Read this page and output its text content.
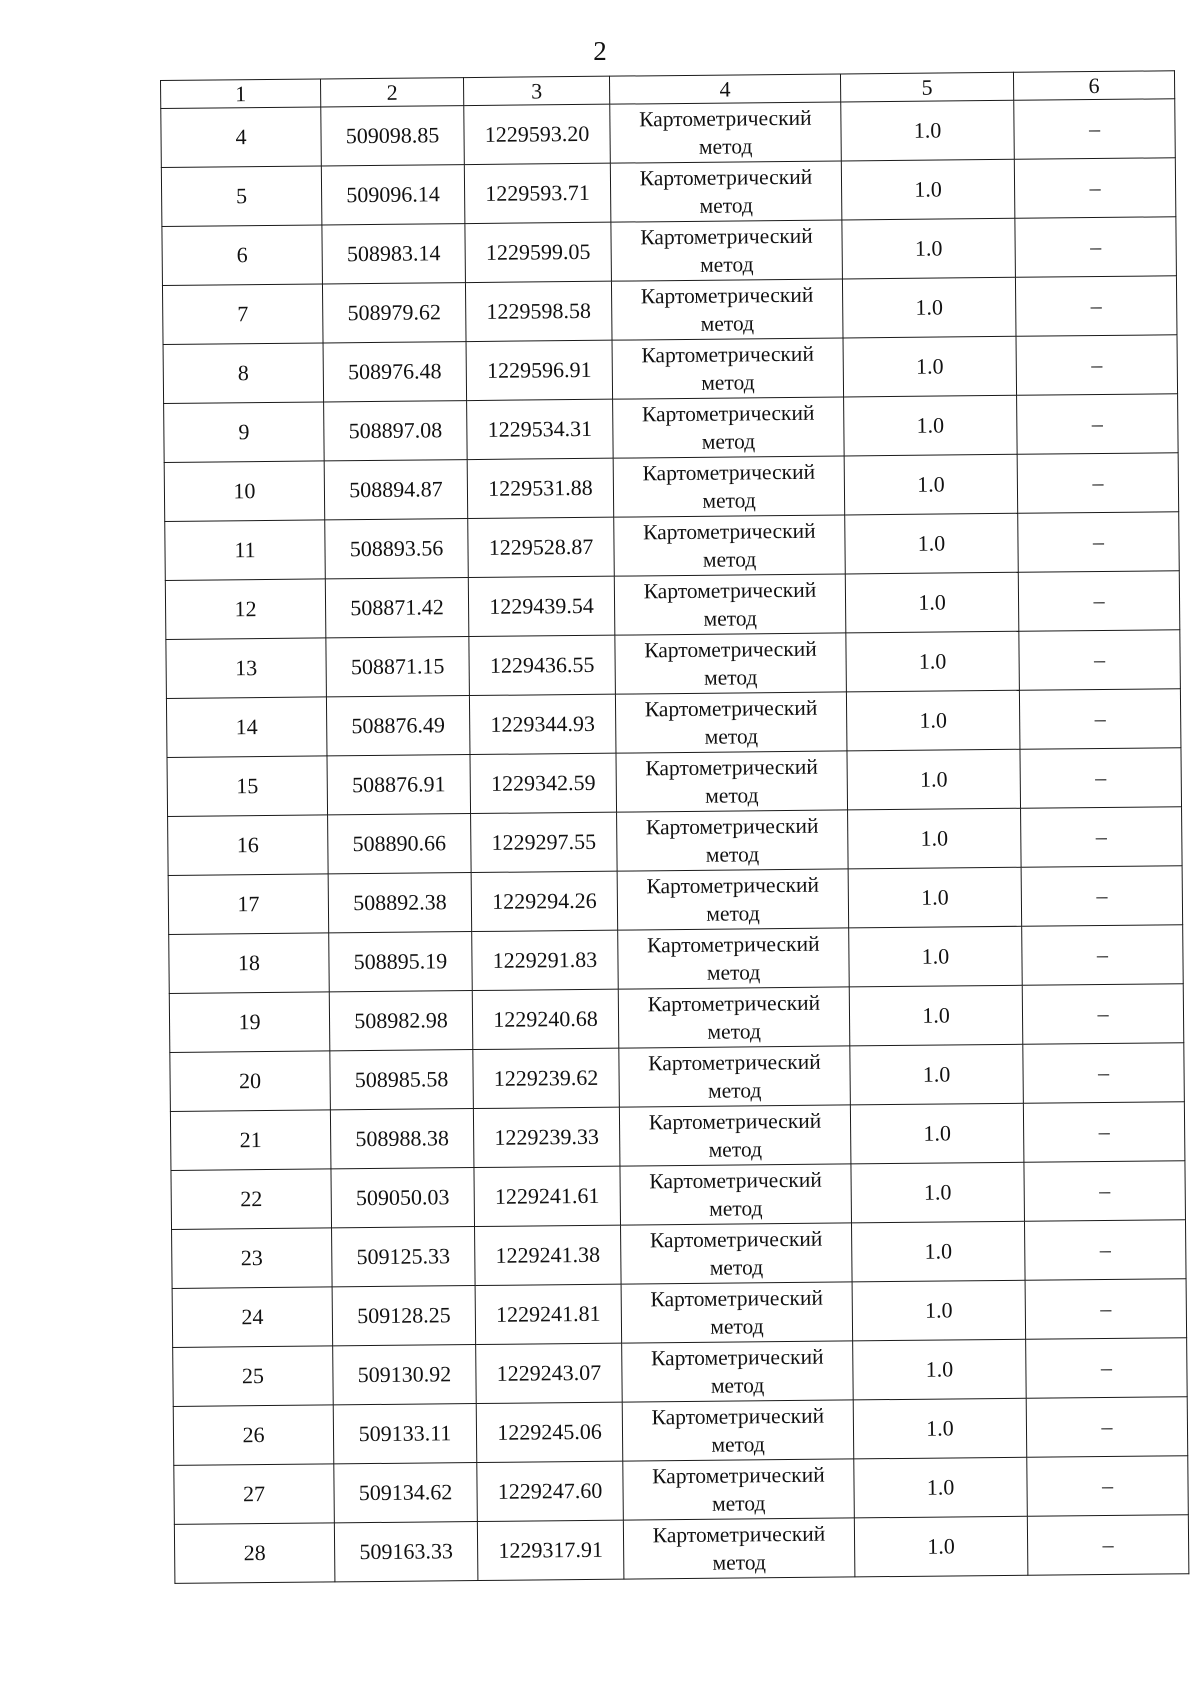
2
1	2	3	4	5	6
4	509098.85	1229593.20	Картометрический метод	1.0	–
5	509096.14	1229593.71	Картометрический метод	1.0	–
6	508983.14	1229599.05	Картометрический метод	1.0	–
7	508979.62	1229598.58	Картометрический метод	1.0	–
8	508976.48	1229596.91	Картометрический метод	1.0	–
9	508897.08	1229534.31	Картометрический метод	1.0	–
10	508894.87	1229531.88	Картометрический метод	1.0	–
11	508893.56	1229528.87	Картометрический метод	1.0	–
12	508871.42	1229439.54	Картометрический метод	1.0	–
13	508871.15	1229436.55	Картометрический метод	1.0	–
14	508876.49	1229344.93	Картометрический метод	1.0	–
15	508876.91	1229342.59	Картометрический метод	1.0	–
16	508890.66	1229297.55	Картометрический метод	1.0	–
17	508892.38	1229294.26	Картометрический метод	1.0	–
18	508895.19	1229291.83	Картометрический метод	1.0	–
19	508982.98	1229240.68	Картометрический метод	1.0	–
20	508985.58	1229239.62	Картометрический метод	1.0	–
21	508988.38	1229239.33	Картометрический метод	1.0	–
22	509050.03	1229241.61	Картометрический метод	1.0	–
23	509125.33	1229241.38	Картометрический метод	1.0	–
24	509128.25	1229241.81	Картометрический метод	1.0	–
25	509130.92	1229243.07	Картометрический метод	1.0	–
26	509133.11	1229245.06	Картометрический метод	1.0	–
27	509134.62	1229247.60	Картометрический метод	1.0	–
28	509163.33	1229317.91	Картометрический метод	1.0	–
